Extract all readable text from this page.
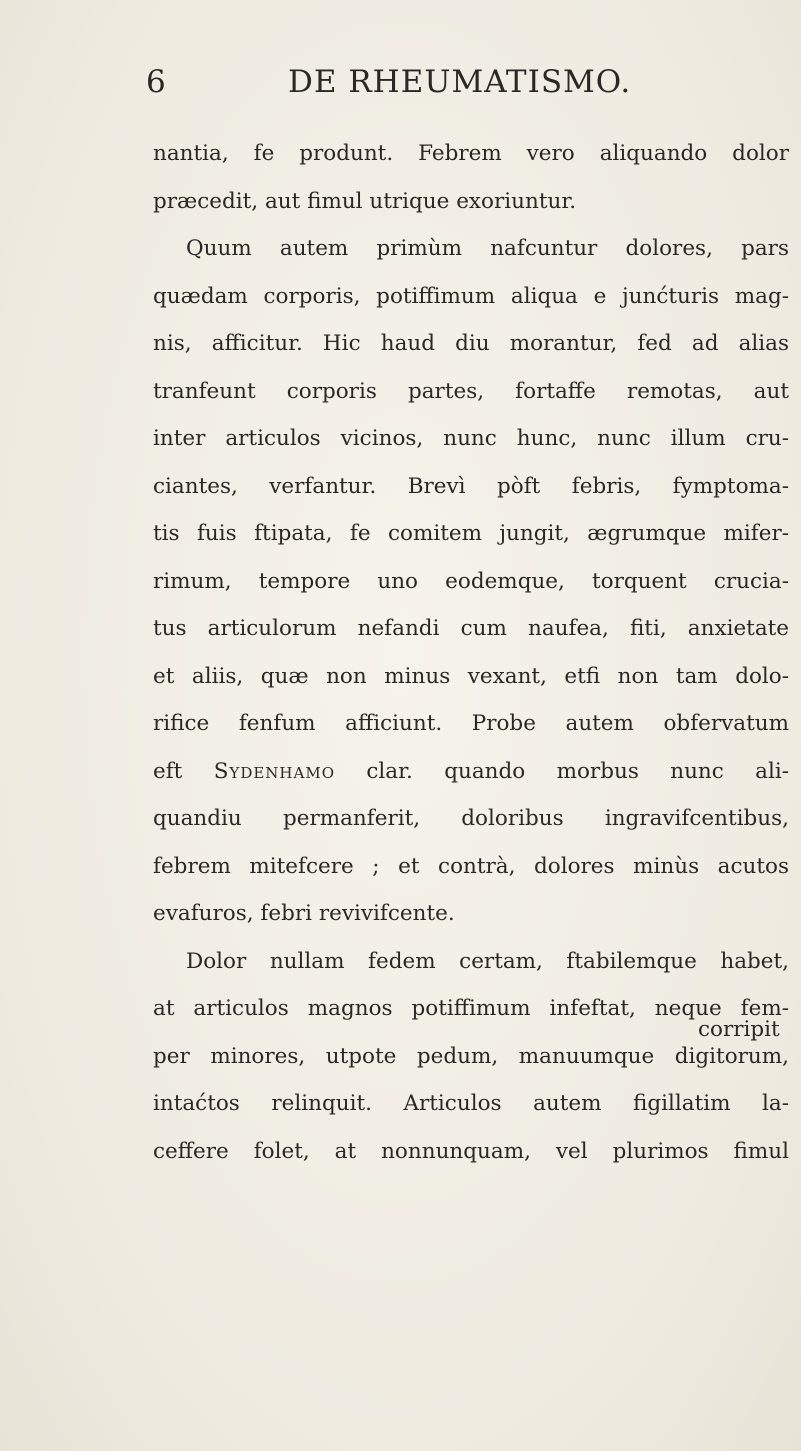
6	DE RHEUMATISMO.
nantia, fe produnt. Febrem vero aliquando dolor
præcedit, aut fimul utrique exoriuntur.
Quum autem primùm nafcuntur dolores, pars
quædam corporis, potiffimum aliqua e junćturis mag-
nis, afficitur. Hic haud diu morantur, fed ad alias
tranfeunt corporis partes, fortaffe remotas, aut
inter articulos vicinos, nunc hunc, nunc illum cru-
ciantes, verfantur. Brevì pòft febris, fymptoma-
tis fuis ftipata, fe comitem jungit, ægrumque mifer-
rimum, tempore uno eodemque, torquent crucia-
tus articulorum nefandi cum naufea, fiti, anxietate
et aliis, quæ non minus vexant, etfi non tam dolo-
rifice fenfum afficiunt. Probe autem obfervatum
eft Sydenhamo clar. quando morbus nunc ali-
quandiu permanferit, doloribus ingravifcentibus,
febrem mitefcere ; et contrà, dolores minùs acutos
evafuros, febri revivifcente.
Dolor nullam fedem certam, ftabilemque habet,
at articulos magnos potiffimum infeftat, neque fem-
per minores, utpote pedum, manuumque digitorum,
intaćtos relinquit. Articulos autem figillatim la-
ceffere folet, at nonnunquam, vel plurimos fimul
corripit
